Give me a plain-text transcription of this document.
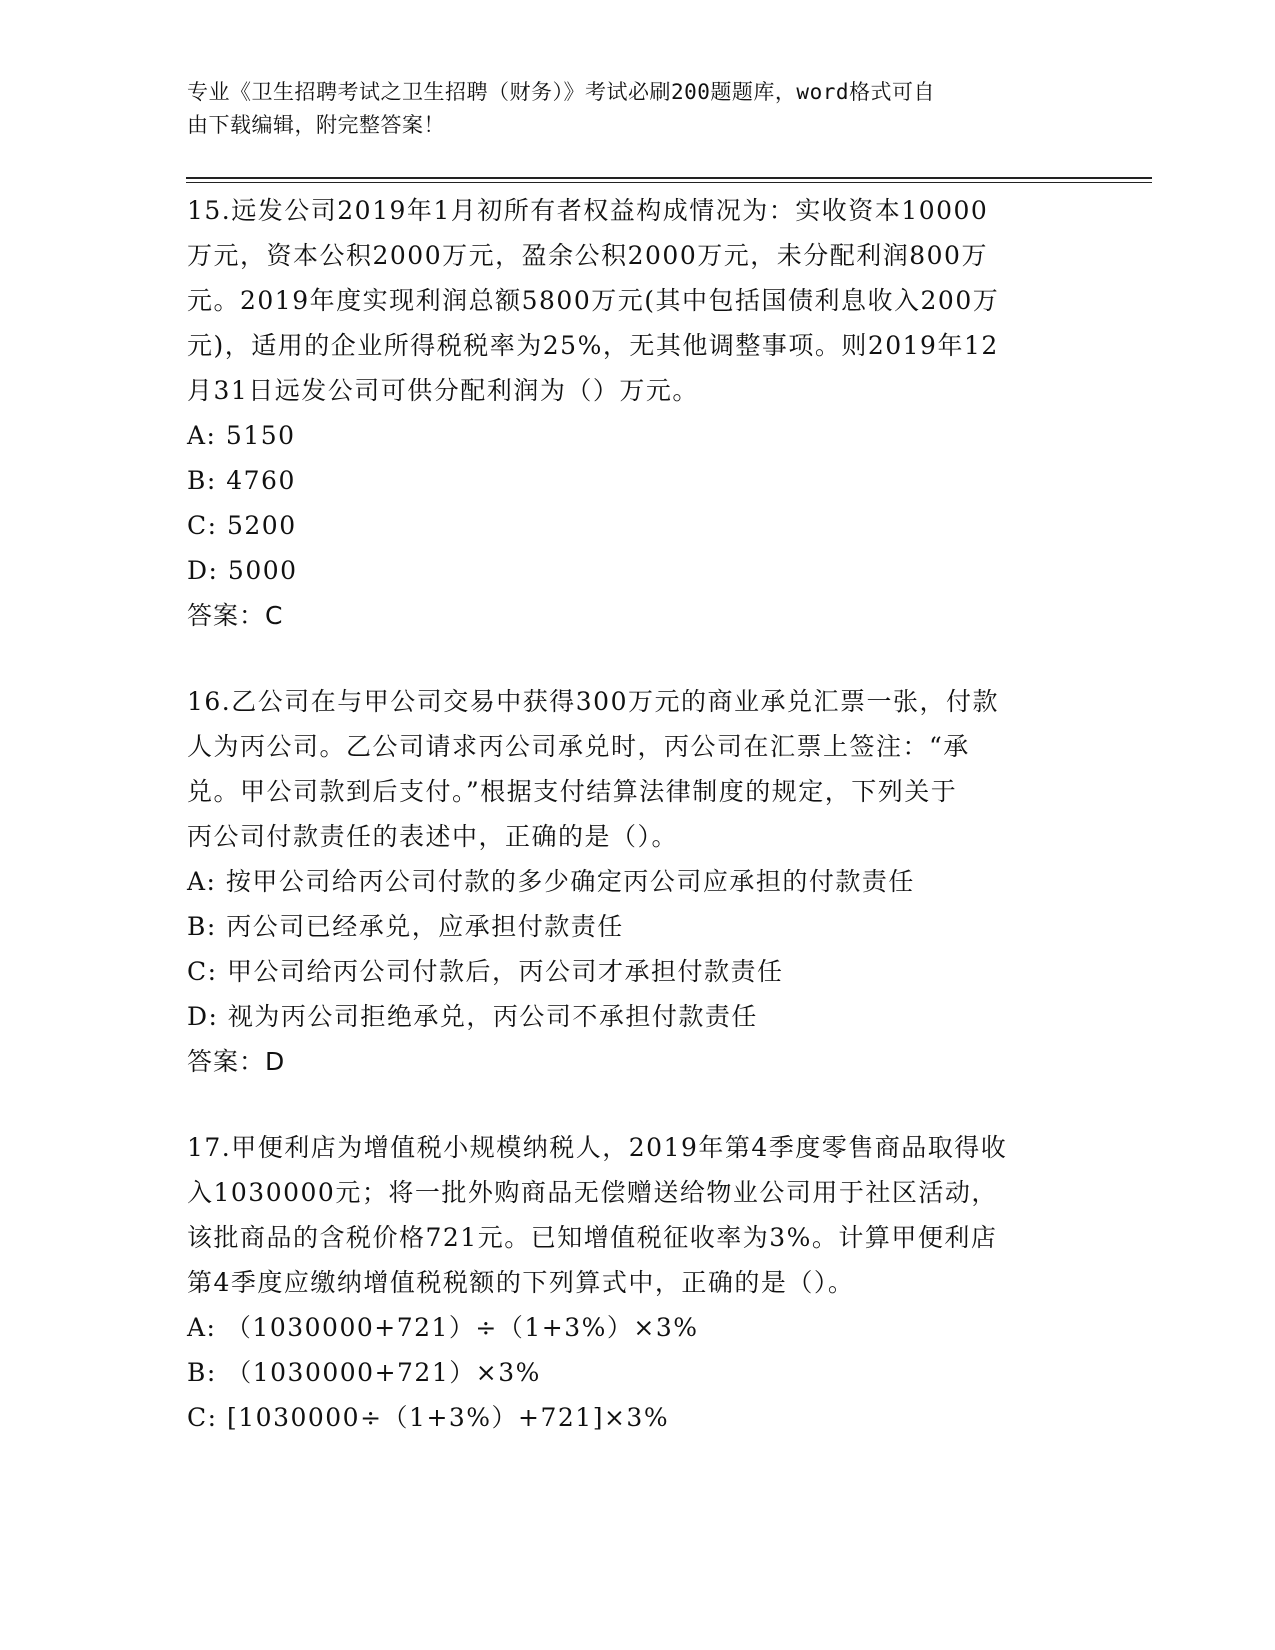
专业《卫生招聘考试之卫生招聘（财务）》考试必刷200题题库，word格式可自
由下载编辑，附完整答案！

15.远发公司2019年1月初所有者权益构成情况为：实收资本10000

万元，资本公积2000万元，盈余公积2000万元，未分配利润800万

元。2019年度实现利润总额5800万元(其中包括国债利息收入200万

元)，适用的企业所得税税率为25%，无其他调整事项。则2019年12

月31日远发公司可供分配利润为（）万元。

A: 5150

B: 4760

C: 5200

D: 5000

答案：C

16.乙公司在与甲公司交易中获得300万元的商业承兑汇票一张，付款

人为丙公司。乙公司请求丙公司承兑时，丙公司在汇票上签注：“承

兑。甲公司款到后支付。”根据支付结算法律制度的规定，下列关于

丙公司付款责任的表述中，正确的是（）。

A: 按甲公司给丙公司付款的多少确定丙公司应承担的付款责任

B: 丙公司已经承兑，应承担付款责任

C: 甲公司给丙公司付款后，丙公司才承担付款责任

D: 视为丙公司拒绝承兑，丙公司不承担付款责任

答案：D

17.甲便利店为增值税小规模纳税人，2019年第4季度零售商品取得收

入1030000元；将一批外购商品无偿赠送给物业公司用于社区活动，

该批商品的含税价格721元。已知增值税征收率为3%。计算甲便利店

第4季度应缴纳增值税税额的下列算式中，正确的是（）。

A: （1030000+721）÷（1+3%）×3%

B: （1030000+721）×3%

C: [1030000÷（1+3%）+721]×3%
